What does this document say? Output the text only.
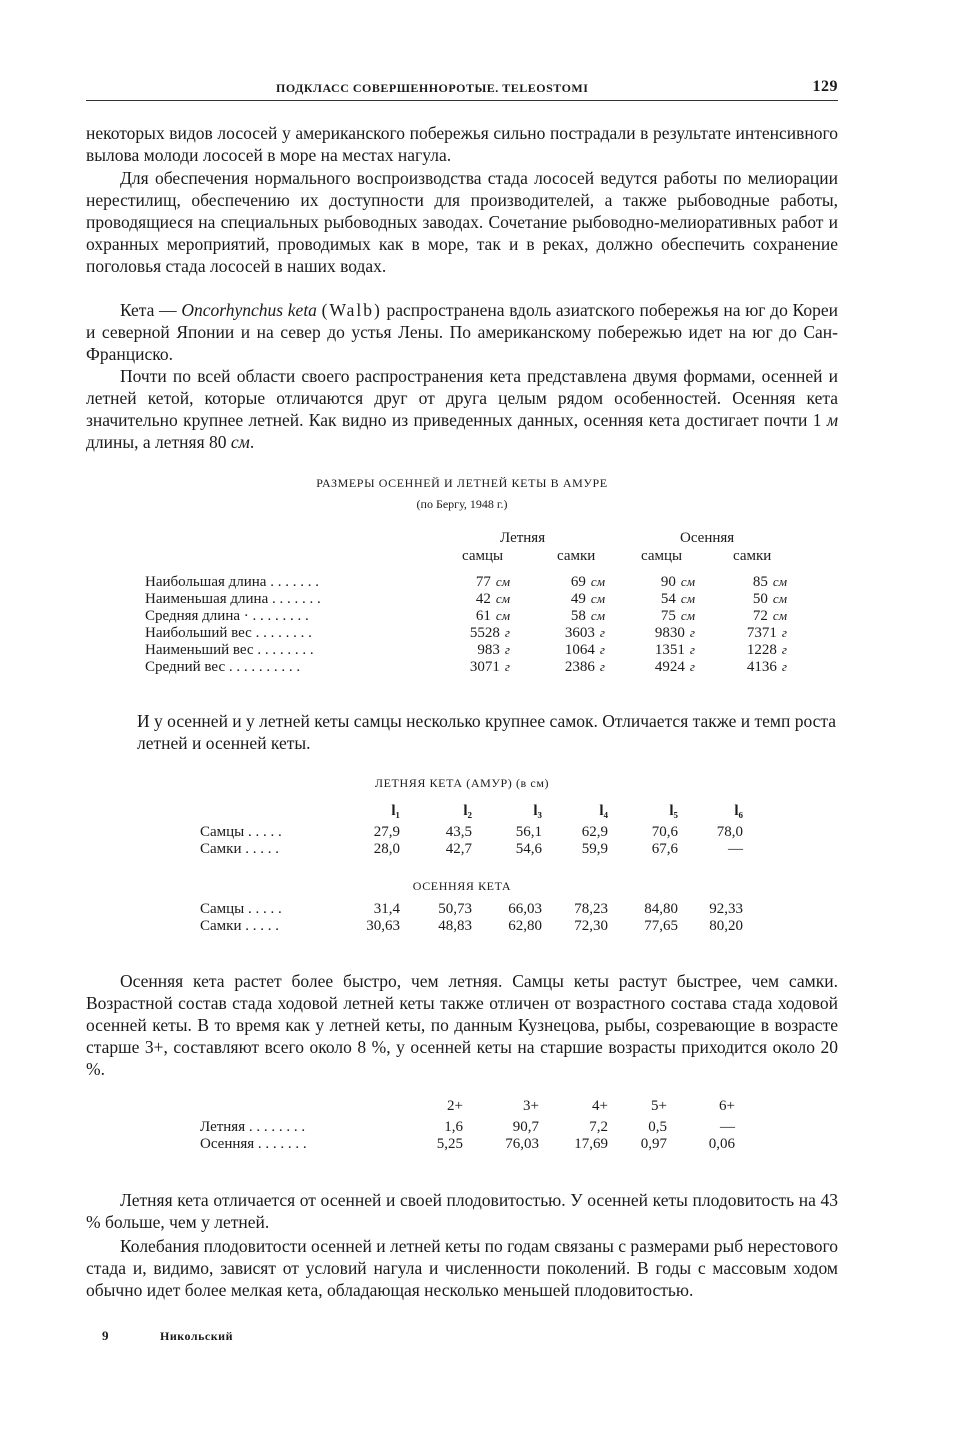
ПОДКЛАСС СОВЕРШЕННОРОТЫЕ. TELEOSTOMI	129

некоторых видов лососей у американского побережья сильно пострадали в результате интенсивного вылова молоди лососей в море на местах нагула.

Для обеспечения нормального воспроизводства стада лососей ведутся работы по мелиорации нерестилищ, обеспечению их доступности для производителей, а также рыбоводные работы, проводящиеся на специальных рыбоводных заводах. Сочетание рыбоводно-мелиоративных работ и охранных мероприятий, проводимых как в море, так и в реках, должно обеспечить сохранение поголовья стада лососей в наших водах.

Кета — Oncorhynchus keta (Walb) распространена вдоль азиатского побережья на юг до Кореи и северной Японии и на север до устья Лены. По американскому побережью идет на юг до Сан-Франциско.

Почти по всей области своего распространения кета представлена двумя формами, осенней и летней кетой, которые отличаются друг от друга целым рядом особенностей. Осенняя кета значительно крупнее летней. Как видно из приведенных данных, осенняя кета достигает почти 1 м длины, а летняя 80 см.

РАЗМЕРЫ ОСЕННЕЙ И ЛЕТНЕЙ КЕТЫ В АМУРЕ
(по Бергу, 1948 г.)
Летняя	Осенняя
самцы	самки	самцы	самки
Наибольшая длина . . . . . . .	77 см	69 см	90 см	85 см
Наименьшая длина . . . . . . .	42 см	49 см	54 см	50 см
Средняя длина · . . . . . . . .	61 см	58 см	75 см	72 см
Наибольший вес . . . . . . . .	5528 г	3603 г	9830 г	7371 г
Наименьший вес . . . . . . . .	983 г	1064 г	1351 г	1228 г
Средний вес . . . . . . . . . .	3071 г	2386 г	4924 г	4136 г

И у осенней и у летней кеты самцы несколько крупнее самок. Отличается также и темп роста летней и осенней кеты.

ЛЕТНЯЯ КЕТА (АМУР) (в см)
	l₁	l₂	l₃	l₄	l₅	l₆
Самцы . . . . .	27,9	43,5	56,1	62,9	70,6	78,0
Самки . . . . .	28,0	42,7	54,6	59,9	67,6	—
ОСЕННЯЯ КЕТА
Самцы . . . . .	31,4	50,73	66,03	78,23	84,80	92,33
Самки . . . . .	30,63	48,83	62,80	72,30	77,65	80,20

Осенняя кета растет более быстро, чем летняя. Самцы кеты растут быстрее, чем самки. Возрастной состав стада ходовой летней кеты также отличен от возрастного состава стада ходовой осенней кеты. В то время как у летней кеты, по данным Кузнецова, рыбы, созревающие в возрасте старше 3+, составляют всего около 8 %, у осенней кеты на старшие возрасты приходится около 20 %.

	2+	3+	4+	5+	6+
Летняя . . . . . . . .	1,6	90,7	7,2	0,5	—
Осенняя . . . . . . .	5,25	76,03	17,69	0,97	0,06

Летняя кета отличается от осенней и своей плодовитостью. У осенней кеты плодовитость на 43 % больше, чем у летней.

Колебания плодовитости осенней и летней кеты по годам связаны с размерами рыб нерестового стада и, видимо, зависят от условий нагула и численности поколений. В годы с массовым ходом обычно идет более мелкая кета, обладающая несколько меньшей плодовитостью.

9	Никольский
